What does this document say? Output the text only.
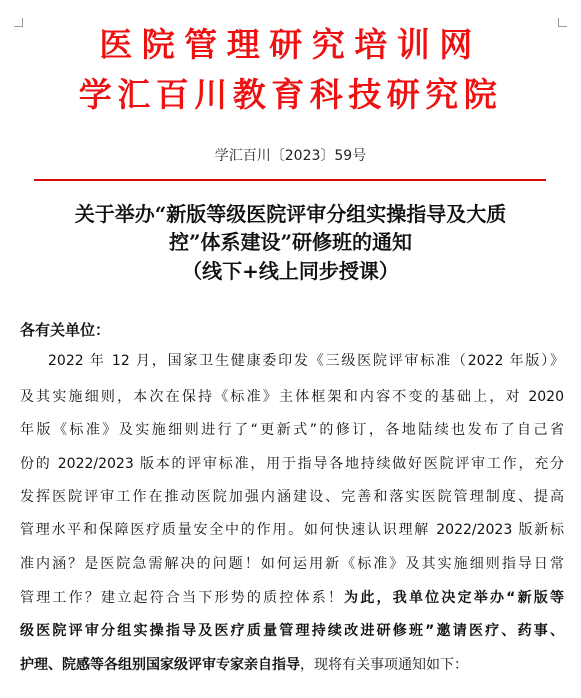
医院管理研究培训网
学汇百川教育科技研究院
学汇百川〔2023〕59号
关于举办“新版等级医院评审分组实操指导及大质
控”体系建设”研修班的通知
（线下+线上同步授课）
各有关单位：
2022 年 12 月，国家卫生健康委印发《三级医院评审标准（2022 年版）》
及其实施细则，本次在保持《标准》主体框架和内容不变的基础上，对 2020
年版《标准》及实施细则进行了“更新式”的修订，各地陆续也发布了自己省
份的 2022/2023 版本的评审标准，用于指导各地持续做好医院评审工作，充分
发挥医院评审工作在推动医院加强内涵建设、完善和落实医院管理制度、提高
管理水平和保障医疗质量安全中的作用。如何快速认识理解 2022/2023 版新标
准内涵？是医院急需解决的问题！如何运用新《标准》及其实施细则指导日常
管理工作？建立起符合当下形势的质控体系！为此，我单位决定举办“新版等
级医院评审分组实操指导及医疗质量管理持续改进研修班”邀请医疗、药事、
护理、院感等各组别国家级评审专家亲自指导，现将有关事项通知如下：
